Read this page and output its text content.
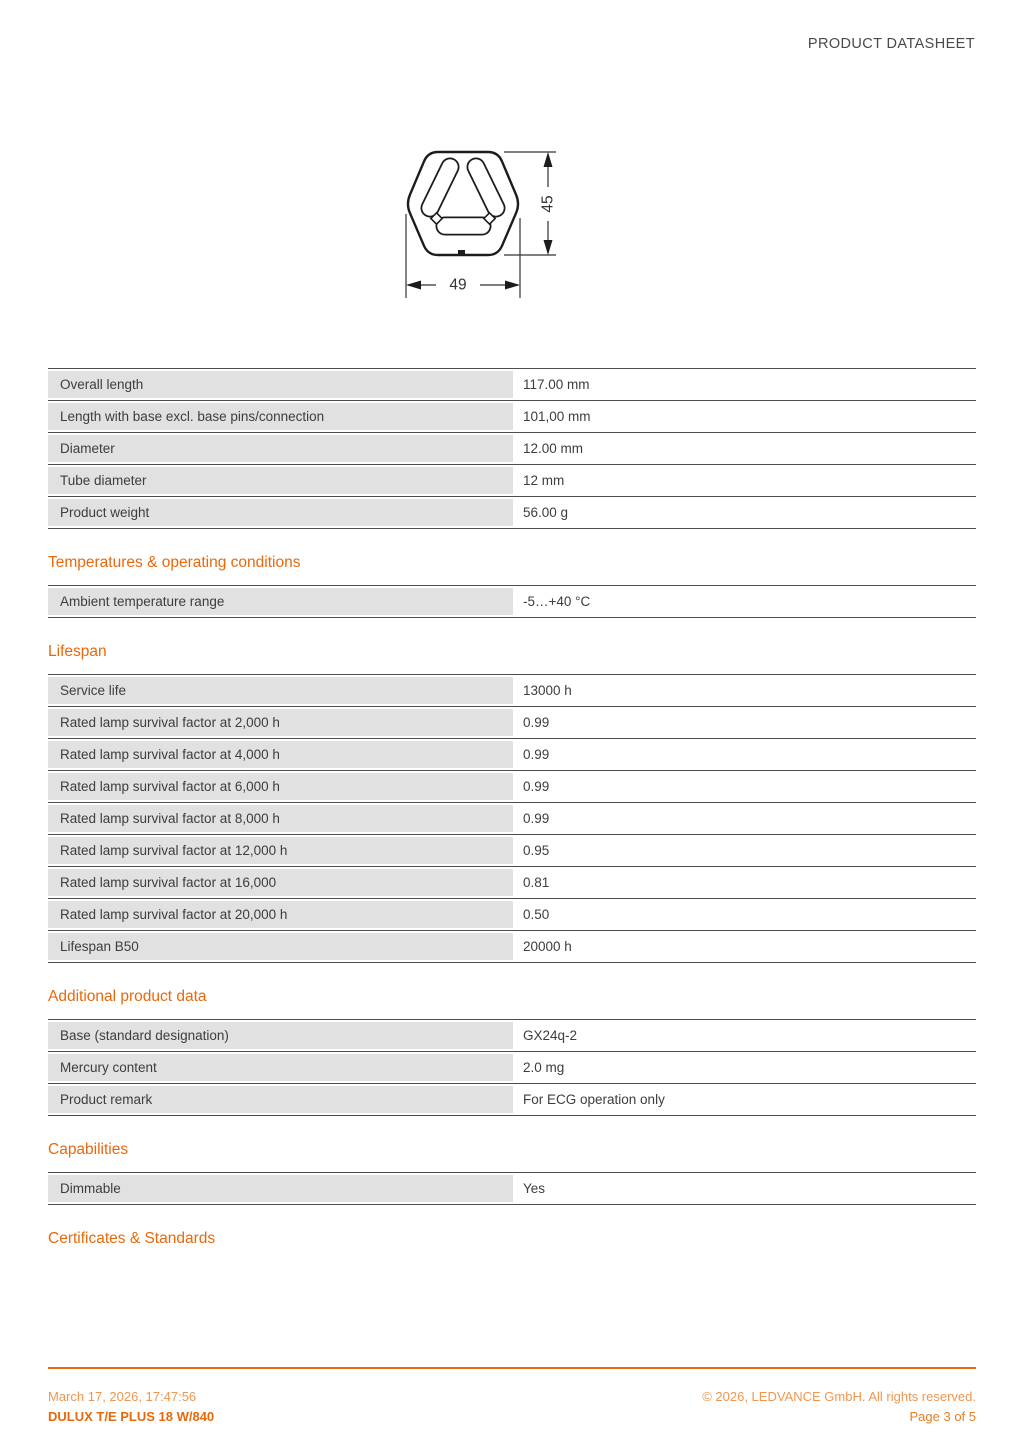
PRODUCT DATASHEET
45
49
Overall length	117.00 mm
Length with base excl. base pins/connection	101,00 mm
Diameter	12.00 mm
Tube diameter	12 mm
Product weight	56.00 g
Temperatures & operating conditions
Ambient temperature range	-5…+40 °C
Lifespan
Service life	13000 h
Rated lamp survival factor at 2,000 h	0.99
Rated lamp survival factor at 4,000 h	0.99
Rated lamp survival factor at 6,000 h	0.99
Rated lamp survival factor at 8,000 h	0.99
Rated lamp survival factor at 12,000 h	0.95
Rated lamp survival factor at 16,000	0.81
Rated lamp survival factor at 20,000 h	0.50
Lifespan B50	20000 h
Additional product data
Base (standard designation)	GX24q-2
Mercury content	2.0 mg
Product remark	For ECG operation only
Capabilities
Dimmable	Yes
Certificates & Standards
March 17, 2026, 17:47:56
DULUX T/E PLUS 18 W/840
© 2026, LEDVANCE GmbH. All rights reserved.
Page 3 of 5
